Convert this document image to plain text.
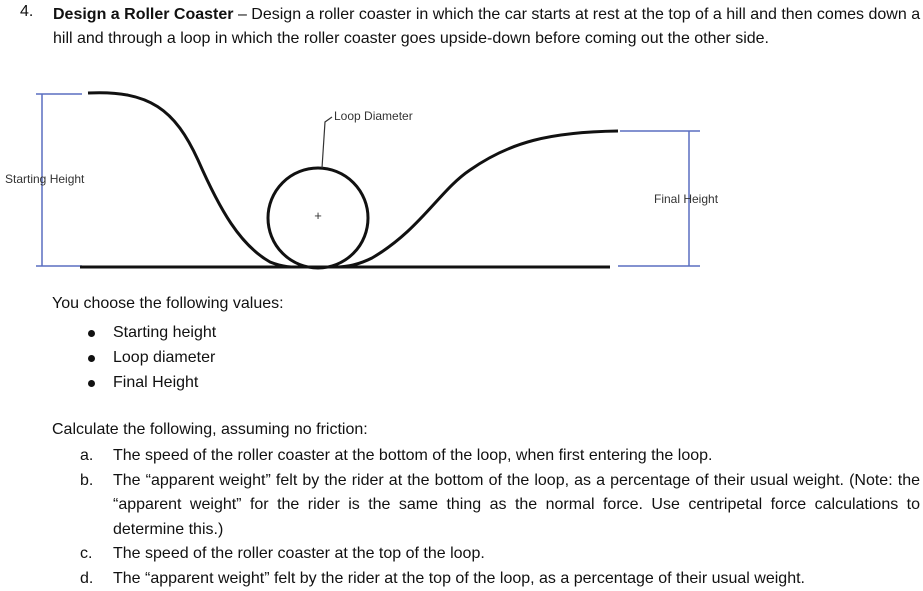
4. Design a Roller Coaster – Design a roller coaster in which the car starts at rest at the top of a hill and then comes down a hill and through a loop in which the roller coaster goes upside-down before coming out the other side.
+
Starting Height
Loop Diameter
Final Height
You choose the following values:
Starting height
Loop diameter
Final Height
Calculate the following, assuming no friction:
a. The speed of the roller coaster at the bottom of the loop, when first entering the loop.
b. The “apparent weight” felt by the rider at the bottom of the loop, as a percentage of their usual weight. (Note: the “apparent weight” for the rider is the same thing as the normal force. Use centripetal force calculations to determine this.)
c. The speed of the roller coaster at the top of the loop.
d. The “apparent weight” felt by the rider at the top of the loop, as a percentage of their usual weight.
